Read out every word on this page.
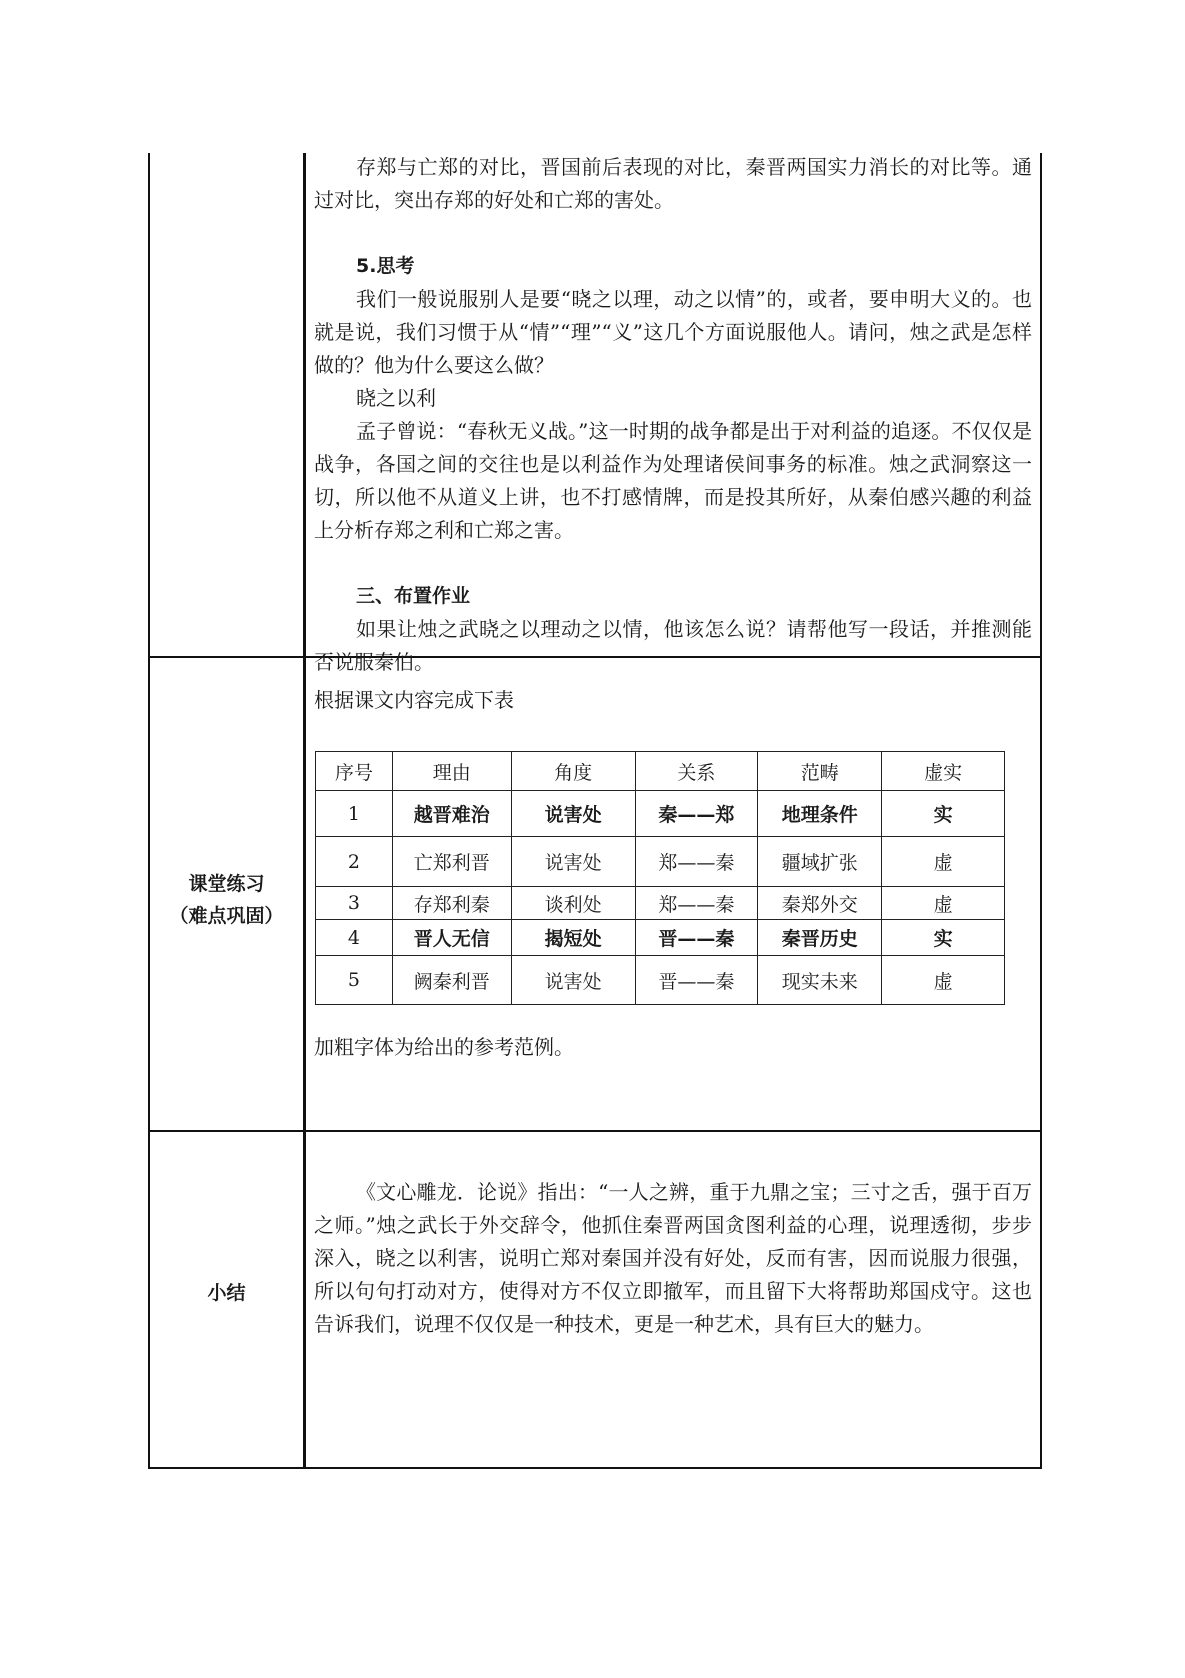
存郑与亡郑的对比，晋国前后表现的对比，秦晋两国实力消长的对比等。通过对比，突出存郑的好处和亡郑的害处。

5.思考

我们一般说服别人是要“晓之以理，动之以情”的，或者，要申明大义的。也就是说，我们习惯于从“情”“理”“义”这几个方面说服他人。请问，烛之武是怎样做的？他为什么要这么做？

晓之以利

孟子曾说：“春秋无义战。”这一时期的战争都是出于对利益的追逐。不仅仅是战争，各国之间的交往也是以利益作为处理诸侯间事务的标准。烛之武洞察这一切，所以他不从道义上讲，也不打感情牌，而是投其所好，从秦伯感兴趣的利益上分析存郑之利和亡郑之害。

三、布置作业

如果让烛之武晓之以理动之以情，他该怎么说？请帮他写一段话，并推测能否说服秦伯。

课堂练习
（难点巩固）

根据课文内容完成下表

序号	理由	角度	关系	范畴	虚实
1	越晋难治	说害处	秦——郑	地理条件	实
2	亡郑利晋	说害处	郑——秦	疆域扩张	虚
3	存郑利秦	谈利处	郑——秦	秦郑外交	虚
4	晋人无信	揭短处	晋——秦	秦晋历史	实
5	阙秦利晋	说害处	晋——秦	现实未来	虚

加粗字体为给出的参考范例。

小结

《文心雕龙．论说》指出：“一人之辨，重于九鼎之宝；三寸之舌，强于百万之师。”烛之武长于外交辞令，他抓住秦晋两国贪图利益的心理，说理透彻，步步深入，晓之以利害，说明亡郑对秦国并没有好处，反而有害，因而说服力很强，所以句句打动对方，使得对方不仅立即撤军，而且留下大将帮助郑国戍守。这也告诉我们，说理不仅仅是一种技术，更是一种艺术，具有巨大的魅力。
